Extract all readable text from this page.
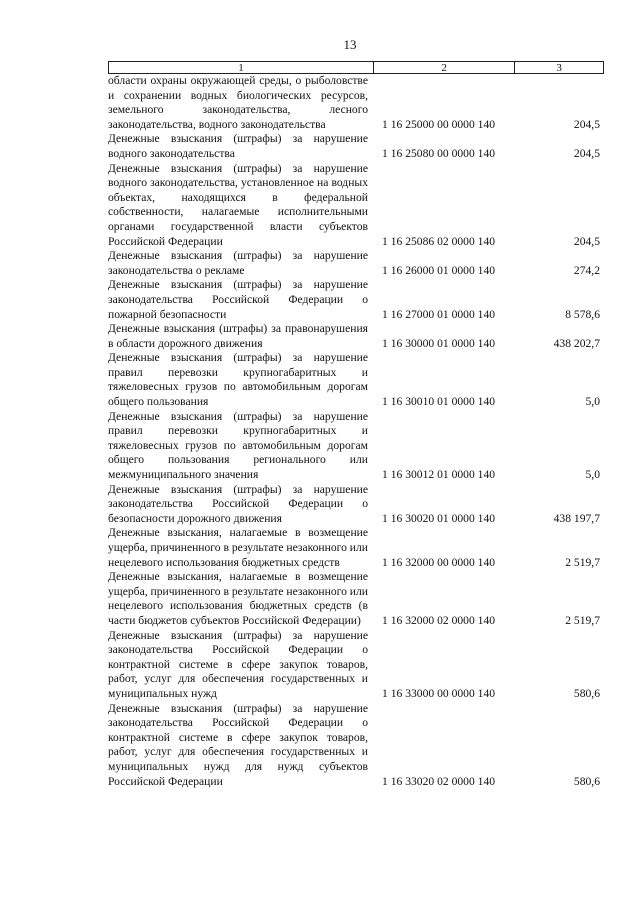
13
1	2	3
области охраны окружающей среды, о рыболовстве и сохранении водных биологических ресурсов, земельного законодательства, лесного законодательства, водного законодательства	1 16 25000 00 0000 140	204,5
Денежные взыскания (штрафы) за нарушение водного законодательства	1 16 25080 00 0000 140	204,5
Денежные взыскания (штрафы) за нарушение водного законодательства, установленное на водных объектах, находящихся в федеральной собственности, налагаемые исполнительными органами государственной власти субъектов Российской Федерации	1 16 25086 02 0000 140	204,5
Денежные взыскания (штрафы) за нарушение законодательства о рекламе	1 16 26000 01 0000 140	274,2
Денежные взыскания (штрафы) за нарушение законодательства Российской Федерации о пожарной безопасности	1 16 27000 01 0000 140	8 578,6
Денежные взыскания (штрафы) за правонарушения в области дорожного движения	1 16 30000 01 0000 140	438 202,7
Денежные взыскания (штрафы) за нарушение правил перевозки крупногабаритных и тяжеловесных грузов по автомобильным дорогам общего пользования	1 16 30010 01 0000 140	5,0
Денежные взыскания (штрафы) за нарушение правил перевозки крупногабаритных и тяжеловесных грузов по автомобильным дорогам общего пользования регионального или межмуниципального значения	1 16 30012 01 0000 140	5,0
Денежные взыскания (штрафы) за нарушение законодательства Российской Федерации о безопасности дорожного движения	1 16 30020 01 0000 140	438 197,7
Денежные взыскания, налагаемые в возмещение ущерба, причиненного в результате незаконного или нецелевого использования бюджетных средств	1 16 32000 00 0000 140	2 519,7
Денежные взыскания, налагаемые в возмещение ущерба, причиненного в результате незаконного или нецелевого использования бюджетных средств (в части бюджетов субъектов Российской Федерации)	1 16 32000 02 0000 140	2 519,7
Денежные взыскания (штрафы) за нарушение законодательства Российской Федерации о контрактной системе в сфере закупок товаров, работ, услуг для обеспечения государственных и муниципальных нужд	1 16 33000 00 0000 140	580,6
Денежные взыскания (штрафы) за нарушение законодательства Российской Федерации о контрактной системе в сфере закупок товаров, работ, услуг для обеспечения государственных и муниципальных нужд для нужд субъектов Российской Федерации	1 16 33020 02 0000 140	580,6
